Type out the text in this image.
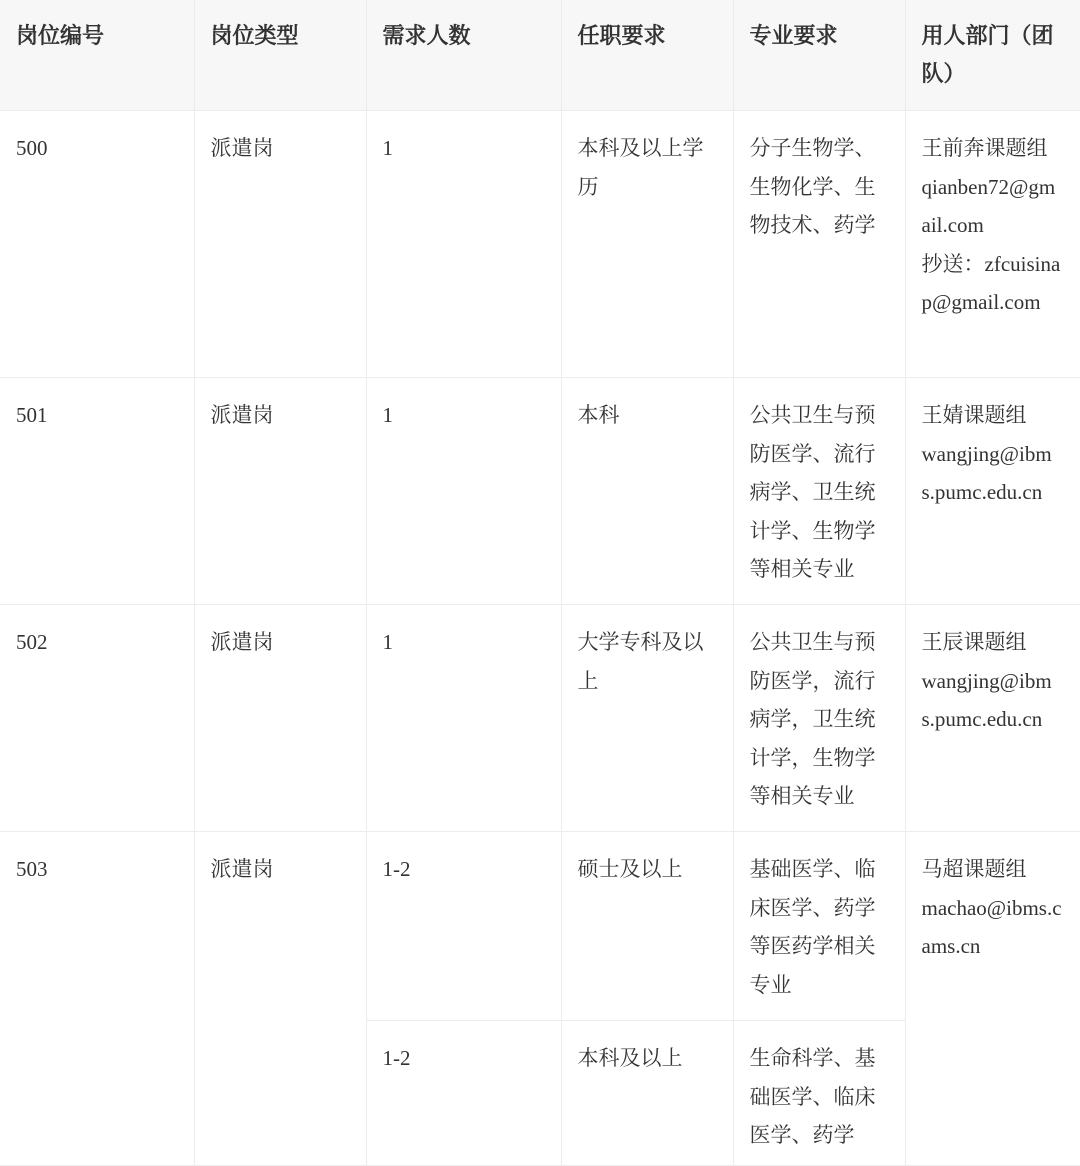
岗位编号	岗位类型	需求人数	任职要求	专业要求	用人部门（团队）
500	派遣岗	1	本科及以上学历	分子生物学、生物化学、生物技术、药学	王前奔课题组
qianben72@gmail.com
抄送：zfcuisinap@gmail.com
501	派遣岗	1	本科	公共卫生与预防医学、流行病学、卫生统计学、生物学等相关专业	王婧课题组
wangjing@ibms.pumc.edu.cn
502	派遣岗	1	大学专科及以上	公共卫生与预防医学，流行病学，卫生统计学，生物学等相关专业	王辰课题组
wangjing@ibms.pumc.edu.cn
503	派遣岗	1-2	硕士及以上	基础医学、临床医学、药学等医药学相关专业	马超课题组
machao@ibms.cams.cn
		1-2	本科及以上	生命科学、基础医学、临床医学、药学	
